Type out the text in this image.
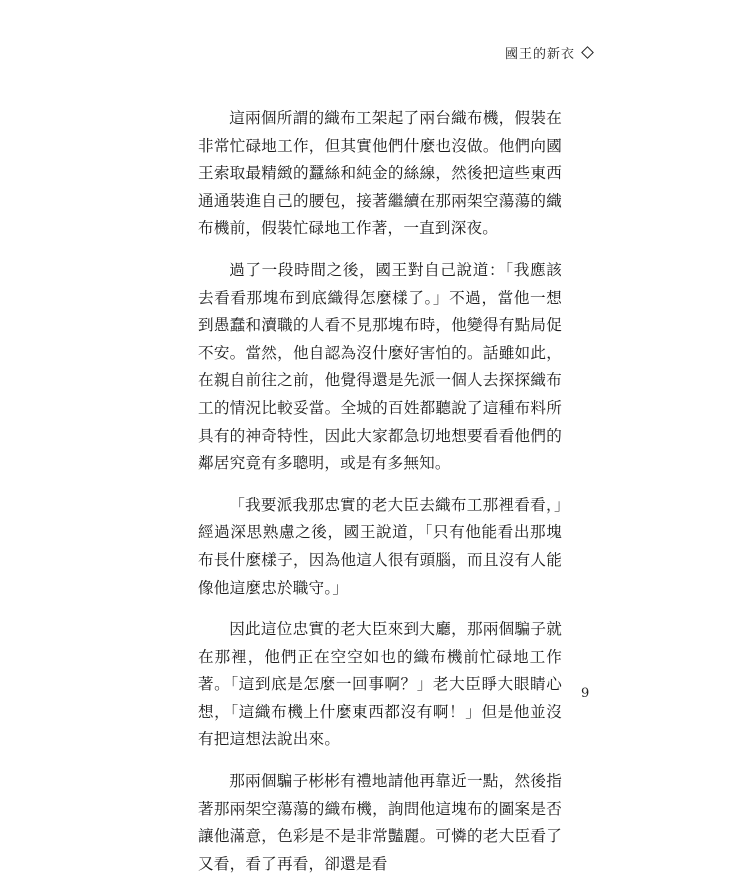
國王的新衣

這兩個所謂的織布工架起了兩台織布機，假裝在非常忙碌地工作，但其實他們什麼也沒做。他們向國王索取最精緻的蠶絲和純金的絲線，然後把這些東西通通裝進自己的腰包，接著繼續在那兩架空蕩蕩的織布機前，假裝忙碌地工作著，一直到深夜。

過了一段時間之後，國王對自己說道：「我應該去看看那塊布到底織得怎麼樣了。」不過，當他一想到愚蠢和瀆職的人看不見那塊布時，他變得有點局促不安。當然，他自認為沒什麼好害怕的。話雖如此，在親自前往之前，他覺得還是先派一個人去探探織布工的情況比較妥當。全城的百姓都聽說了這種布料所具有的神奇特性，因此大家都急切地想要看看他們的鄰居究竟有多聰明，或是有多無知。

「我要派我那忠實的老大臣去織布工那裡看看，」經過深思熟慮之後，國王說道，「只有他能看出那塊布長什麼樣子，因為他這人很有頭腦，而且沒有人能像他這麼忠於職守。」

因此這位忠實的老大臣來到大廳，那兩個騙子就在那裡，他們正在空空如也的織布機前忙碌地工作著。「這到底是怎麼一回事啊？」老大臣睜大眼睛心想，「這織布機上什麼東西都沒有啊！」但是他並沒有把這想法說出來。

那兩個騙子彬彬有禮地請他再靠近一點，然後指著那兩架空蕩蕩的織布機，詢問他這塊布的圖案是否讓他滿意，色彩是不是非常豔麗。可憐的老大臣看了又看，看了再看，卻還是看

9
